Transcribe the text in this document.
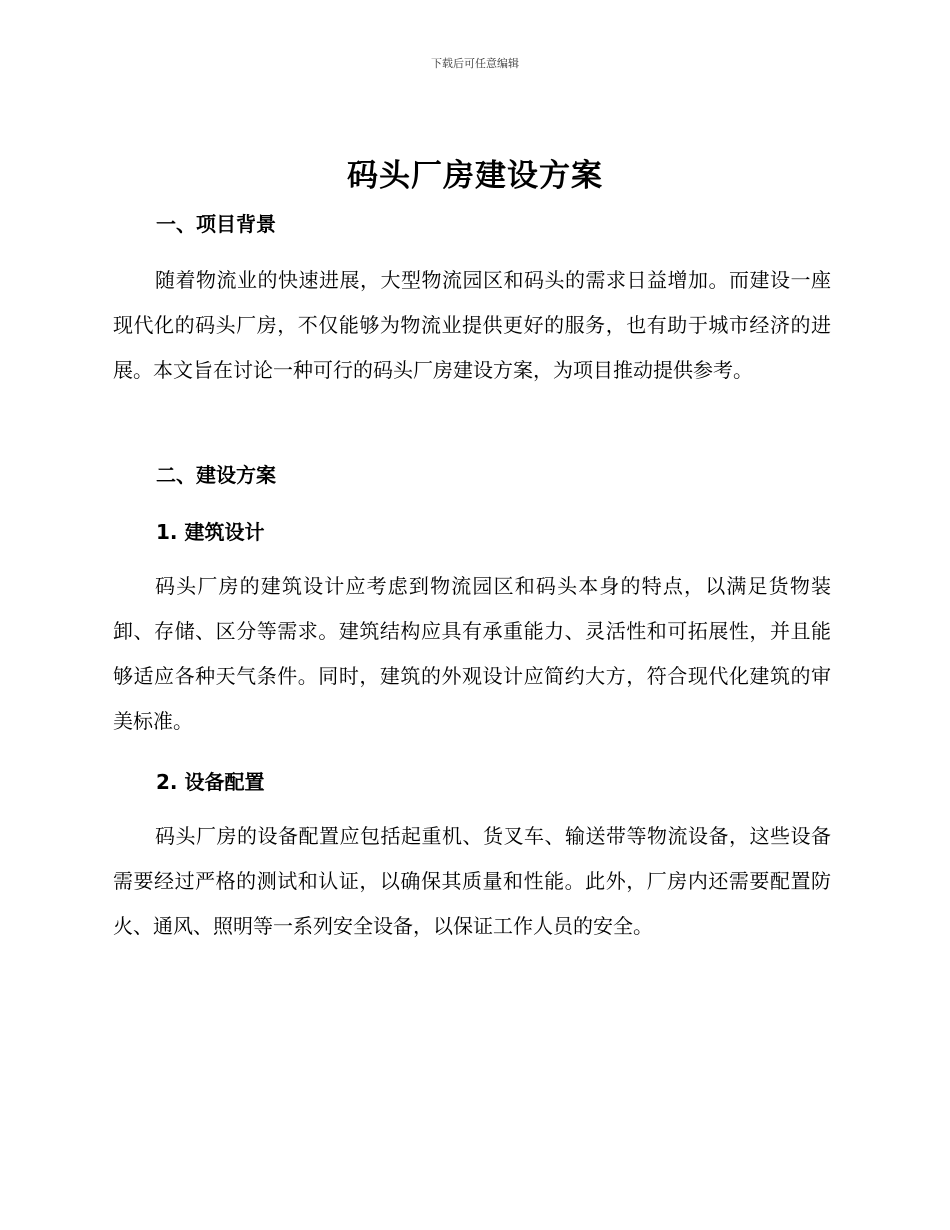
下载后可任意编辑
码头厂房建设方案
一、项目背景

随着物流业的快速进展，大型物流园区和码头的需求日益增加。而建设一座现代化的码头厂房，不仅能够为物流业提供更好的服务，也有助于城市经济的进展。本文旨在讨论一种可行的码头厂房建设方案，为项目推动提供参考。

二、建设方案
1. 建筑设计

码头厂房的建筑设计应考虑到物流园区和码头本身的特点，以满足货物装卸、存储、区分等需求。建筑结构应具有承重能力、灵活性和可拓展性，并且能够适应各种天气条件。同时，建筑的外观设计应简约大方，符合现代化建筑的审美标准。

2. 设备配置

码头厂房的设备配置应包括起重机、货叉车、输送带等物流设备，这些设备需要经过严格的测试和认证，以确保其质量和性能。此外，厂房内还需要配置防火、通风、照明等一系列安全设备，以保证工作人员的安全。
